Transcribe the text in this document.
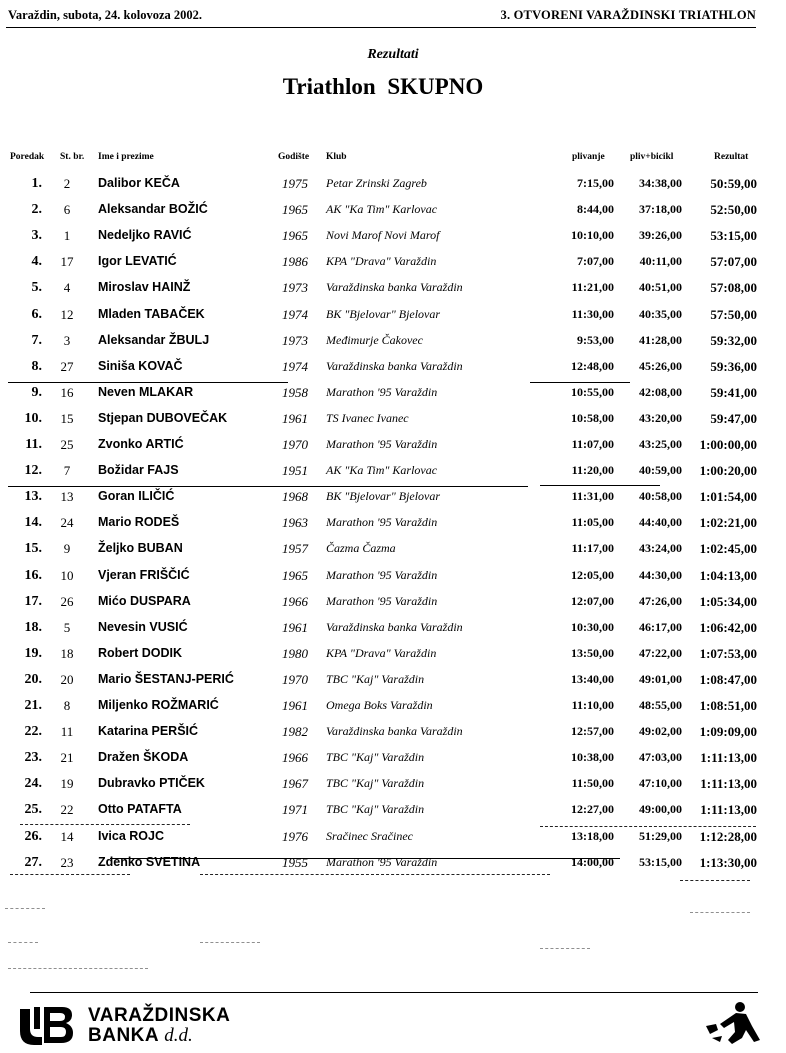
Varaždin, subota, 24. kolovoza 2002.	3. OTVORENI VARAŽDINSKI TRIATHLON
Rezultati
Triathlon SKUPNO
Poredak St. br. Ime i prezime	Godište Klub	plivanje	pliv+bicikl	Rezultat
1.	2	Dalibor KEČA	1975 Petar Zrinski Zagreb	7:15,00	34:38,00	50:59,00
2.	6	Aleksandar BOŽIĆ	1965 AK "Ka Tim" Karlovac	8:44,00	37:18,00	52:50,00
3.	1	Nedeljko RAVIĆ	1965 Novi Marof Novi Marof	10:10,00	39:26,00	53:15,00
4.	17	Igor LEVATIĆ	1986 KPA "Drava" Varaždin	7:07,00	40:11,00	57:07,00
5.	4	Miroslav HAINŽ	1973 Varaždinska banka Varaždin	11:21,00	40:51,00	57:08,00
6.	12	Mladen TABAČEK	1974 BK "Bjelovar" Bjelovar	11:30,00	40:35,00	57:50,00
7.	3	Aleksandar ŽBULJ	1973 Međimurje Čakovec	9:53,00	41:28,00	59:32,00
8.	27	Siniša KOVAČ	1974 Varaždinska banka Varaždin	12:48,00	45:26,00	59:36,00
9.	16	Neven MLAKAR	1958 Marathon '95 Varaždin	10:55,00	42:08,00	59:41,00
10.	15	Stjepan DUBOVEČAK	1961 TS Ivanec Ivanec	10:58,00	43:20,00	59:47,00
11.	25	Zvonko ARTIĆ	1970 Marathon '95 Varaždin	11:07,00	43:25,00	1:00:00,00
12.	7	Božidar FAJS	1951 AK "Ka Tim" Karlovac	11:20,00	40:59,00	1:00:20,00
13.	13	Goran ILIČIĆ	1968 BK "Bjelovar" Bjelovar	11:31,00	40:58,00	1:01:54,00
14.	24	Mario RODEŠ	1963 Marathon '95 Varaždin	11:05,00	44:40,00	1:02:21,00
15.	9	Željko BUBAN	1957 Čazma Čazma	11:17,00	43:24,00	1:02:45,00
16.	10	Vjeran FRIŠČIĆ	1965 Marathon '95 Varaždin	12:05,00	44:30,00	1:04:13,00
17.	26	Mićo DUSPARA	1966 Marathon '95 Varaždin	12:07,00	47:26,00	1:05:34,00
18.	5	Nevesin VUSIĆ	1961 Varaždinska banka Varaždin	10:30,00	46:17,00	1:06:42,00
19.	18	Robert DODIK	1980 KPA "Drava" Varaždin	13:50,00	47:22,00	1:07:53,00
20.	20	Mario ŠESTANJ-PERIĆ	1970 TBC "Kaj" Varaždin	13:40,00	49:01,00	1:08:47,00
21.	8	Miljenko ROŽMARIĆ	1961 Omega Boks Varaždin	11:10,00	48:55,00	1:08:51,00
22.	11	Katarina PERŠIĆ	1982 Varaždinska banka Varaždin	12:57,00	49:02,00	1:09:09,00
23.	21	Dražen ŠKODA	1966 TBC "Kaj" Varaždin	10:38,00	47:03,00	1:11:13,00
24.	19	Dubravko PTIČEK	1967 TBC "Kaj" Varaždin	11:50,00	47:10,00	1:11:13,00
25.	22	Otto PATAFTA	1971 TBC "Kaj" Varaždin	12:27,00	49:00,00	1:11:13,00
26.	14	Ivica ROJC	1976 Sračinec Sračinec	13:18,00	51:29,00	1:12:28,00
27.	23	Zdenko SVETINA	1955 Marathon '95 Varaždin	14:00,00	53:15,00	1:13:30,00
VARAŽDINSKA
BANKA d.d.
